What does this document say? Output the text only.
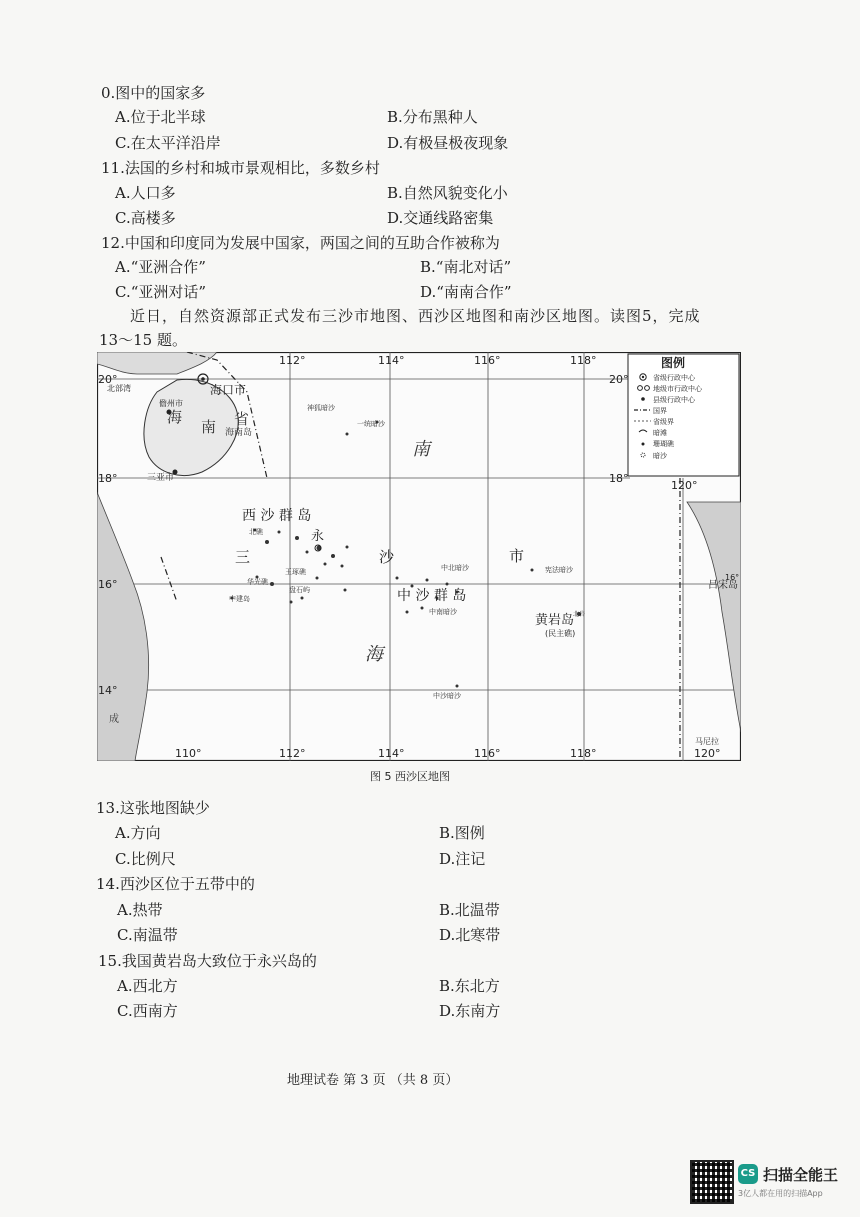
0.图中的国家多
A.位于北半球	B.分布黑种人
C.在太平洋沿岸	D.有极昼极夜现象
11.法国的乡村和城市景观相比，多数乡村
A.人口多	B.自然风貌变化小
C.高楼多	D.交通线路密集
12.中国和印度同为发展中国家，两国之间的互助合作被称为
A.“亚洲合作”	B.“南北对话”
C.“亚洲对话”	D.“南南合作”
近日，自然资源部正式发布三沙市地图、西沙区地图和南沙区地图。读图5，完成
13～15 题。
图例
省级行政中心
地级市行政中心
县级行政中心
国界
省级界
暗滩
珊瑚礁
暗沙
112°	114°	116°	118°
110°	112°	114°	116°	118°	120°
20°
18°
16°
14°
20°
18°
120°
16°
海口市
北部湾
儋州市
海
南 省
海南岛
三亚市
神狐暗沙
一统暗沙
西 沙 群 岛
三
永
北礁
华光礁
玉琢礁
中建岛
盘石屿
沙	市
中北暗沙
中南暗沙
宪法暗沙
中 沙 群 岛
南
海
黄岩岛
(民主礁)
北岩
吕宋岛
中沙暗沙
马尼拉
成
图 5 西沙区地图
13.这张地图缺少
A.方向	B.图例
C.比例尺	D.注记
14.西沙区位于五带中的
A.热带	B.北温带
C.南温带	D.北寒带
15.我国黄岩岛大致位于永兴岛的
A.西北方	B.东北方
C.西南方	D.东南方
地理试卷 第 3 页 （共 8 页）
CS 扫描全能王
3亿人都在用的扫描App
